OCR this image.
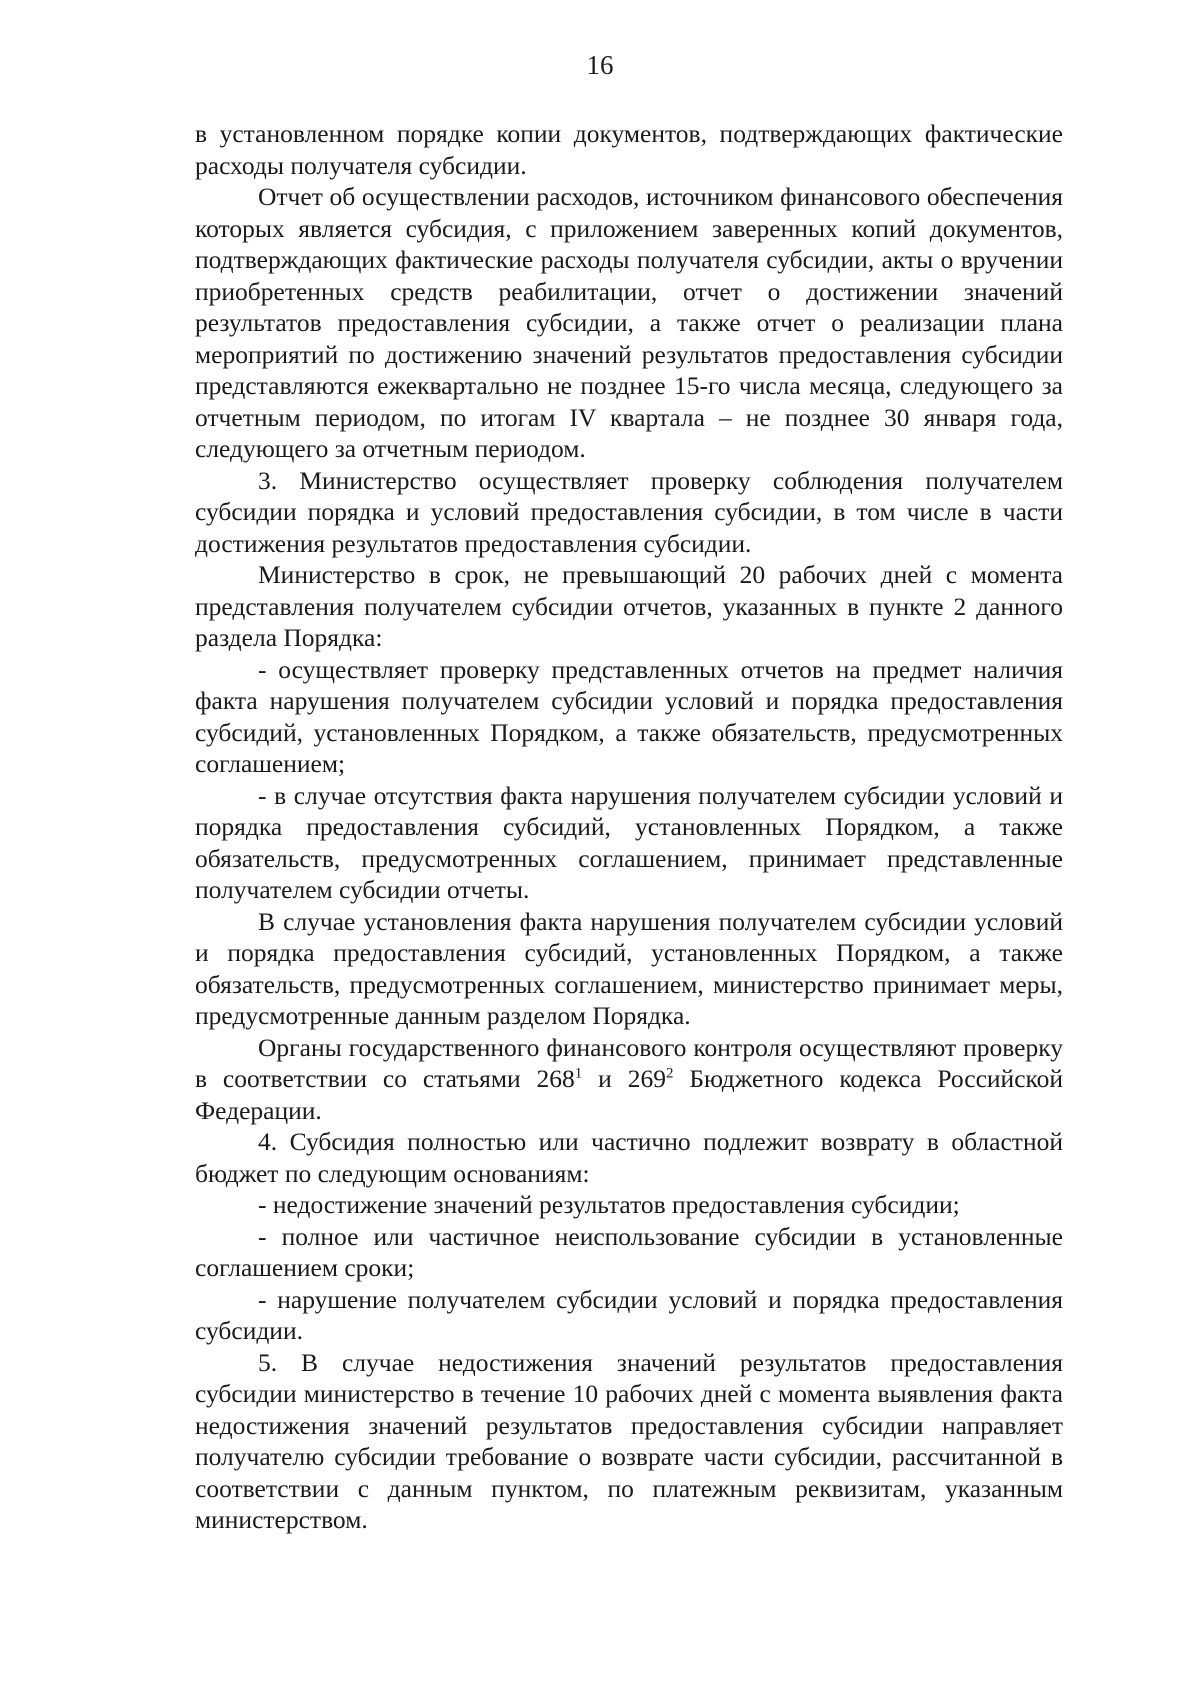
16

в установленном порядке копии документов, подтверждающих фактические расходы получателя субсидии.

Отчет об осуществлении расходов, источником финансового обеспечения которых является субсидия, с приложением заверенных копий документов, подтверждающих фактические расходы получателя субсидии, акты о вручении приобретенных средств реабилитации, отчет о достижении значений результатов предоставления субсидии, а также отчет о реализации плана мероприятий по достижению значений результатов предоставления субсидии представляются ежеквартально не позднее 15-го числа месяца, следующего за отчетным периодом, по итогам IV квартала – не позднее 30 января года, следующего за отчетным периодом.

3. Министерство осуществляет проверку соблюдения получателем субсидии порядка и условий предоставления субсидии, в том числе в части достижения результатов предоставления субсидии.

Министерство в срок, не превышающий 20 рабочих дней с момента представления получателем субсидии отчетов, указанных в пункте 2 данного раздела Порядка:

- осуществляет проверку представленных отчетов на предмет наличия факта нарушения получателем субсидии условий и порядка предоставления субсидий, установленных Порядком, а также обязательств, предусмотренных соглашением;

- в случае отсутствия факта нарушения получателем субсидии условий и порядка предоставления субсидий, установленных Порядком, а также обязательств, предусмотренных соглашением, принимает представленные получателем субсидии отчеты.

В случае установления факта нарушения получателем субсидии условий и порядка предоставления субсидий, установленных Порядком, а также обязательств, предусмотренных соглашением, министерство принимает меры, предусмотренные данным разделом Порядка.

Органы государственного финансового контроля осуществляют проверку в соответствии со статьями $268^1$ и $269^2$ Бюджетного кодекса Российской Федерации.

4. Субсидия полностью или частично подлежит возврату в областной бюджет по следующим основаниям:

- недостижение значений результатов предоставления субсидии;

- полное или частичное неиспользование субсидии в установленные соглашением сроки;

- нарушение получателем субсидии условий и порядка предоставления субсидии.

5. В случае недостижения значений результатов предоставления субсидии министерство в течение 10 рабочих дней с момента выявления факта недостижения значений результатов предоставления субсидии направляет получателю субсидии требование о возврате части субсидии, рассчитанной в соответствии с данным пунктом, по платежным реквизитам, указанным министерством.
